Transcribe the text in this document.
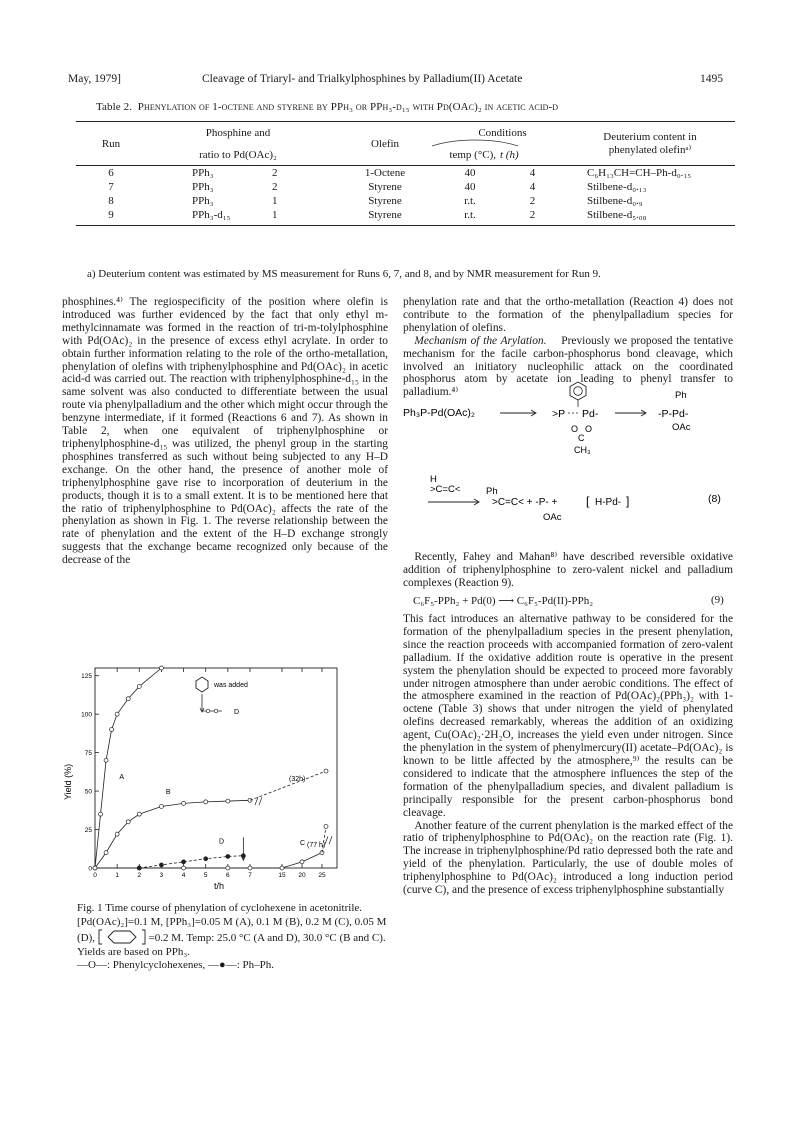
May, 1979]	Cleavage of Triaryl- and Trialkylphosphines by Palladium(II) Acetate	1495
Table 2. Phenylation of 1-octene and styrene by PPh₃ or PPh₃-d₁₅ with Pd(OAc)₂ in acetic acid-d
Run	Phosphine and		Olefin	Conditions		Deuterium content in
	ratio to Pd(OAc)₂			temp (°C),	t (h)	phenylated olefinᵃ⁾
6	PPh₃	2	1-Octene	40	4	C₆H₁₃CH=CH–Ph-d₀.₁₅
7	PPh₃	2	Styrene	40	4	Stilbene-d₀.₁₃
8	PPh₃	1	Styrene	r.t.	2	Stilbene-d₀.₉
9	PPh₃-d₁₅	1	Styrene	r.t.	2	Stilbene-d₅.₀₈
a) Deuterium content was estimated by MS measurement for Runs 6, 7, and 8, and by NMR measurement for Run 9.

phosphines.⁴⁾ The regiospecificity of the position where olefin is introduced was further evidenced by the fact that only ethyl m-methylcinnamate was formed in the reaction of tri-m-tolylphosphine with Pd(OAc)₂ in the presence of excess ethyl acrylate. In order to obtain further information relating to the role of the ortho-metallation, phenylation of olefins with triphenylphosphine and Pd(OAc)₂ in acetic acid-d was carried out. The reaction with triphenylphosphine-d₁₅ in the same solvent was also conducted to differentiate between the usual route via phenylpalladium and the other which might occur through the benzyne intermediate, if it formed (Reactions 6 and 7). As shown in Table 2, when one equivalent of triphenylphosphine or triphenylphosphine-d₁₅ was utilized, the phenyl group in the starting phosphines transferred as such without being subjected to any H–D exchange. On the other hand, the presence of another mole of triphenylphosphine gave rise to incorporation of deuterium in the products, though it is to a small extent. It is to be mentioned here that the ratio of triphenylphosphine to Pd(OAc)₂ affects the rate of the phenylation as shown in Fig. 1. The reverse relationship between the rate of phenylation and the extent of the H–D exchange strongly suggests that the exchange became recognized only because of the decrease of the

phenylation rate and that the ortho-metallation (Reaction 4) does not contribute to the formation of the phenylpalladium species for phenylation of olefins.

Mechanism of the Arylation. Previously we proposed the tentative mechanism for the facile carbon-phosphorus bond cleavage, which involved an initiatory nucleophilic attack on the coordinated phosphorus atom by acetate ion leading to phenyl transfer to palladium.⁴⁾

Ph₃P-Pd(OAc)₂	>P Pd-
O O
C
CH₃
Ph
-P-Pd-
OAc
H
>C=C<	Ph
>C=C< + -P- +
OAc
[ H-Pd- ]	(8)

Recently, Fahey and Mahan⁸⁾ have described reversible oxidative addition of triphenylphosphine to zero-valent nickel and palladium complexes (Reaction 9).

C₆F₅-PPh₂ + Pd(0) ⟶ C₆F₅-Pd(II)-PPh₂	(9)

This fact introduces an alternative pathway to be considered for the formation of the phenylpalladium species in the present phenylation, since the reaction proceeds with accompanied formation of zero-valent palladium. If the oxidative addition route is operative in the present system the phenylation should be expected to proceed more favorably under nitrogen atmosphere than under aerobic conditions. The effect of the atmosphere examined in the reaction of Pd(OAc)₂(PPh₃)₂ with 1-octene (Table 3) shows that under nitrogen the yield of phenylated olefins decreased remarkably, whereas the addition of an oxidizing agent, Cu(OAc)₂·2H₂O, increases the yield even under nitrogen. Since the phenylation in the system of phenylmercury(II) acetate–Pd(OAc)₂ is known to be little affected by the atmosphere,⁹⁾ the results can be considered to indicate that the atmosphere influences the step of the formation of the phenylpalladium species, and divalent palladium is principally responsible for the present carbon-phosphorus bond cleavage.

Another feature of the current phenylation is the marked effect of the ratio of triphenylphosphine to Pd(OAc)₂ on the reaction rate (Fig. 1). The increase in triphenylphosphine/Pd ratio depressed both the rate and yield of the phenylation. Particularly, the use of double moles of triphenylphosphine to Pd(OAc)₂ introduced a long induction period (curve C), and the presence of excess triphenylphosphine substantially

0
25
50
75
100
125
0	1	2	3	4	5	6	7	15 20 25
A
B
C
D
was added
D
(32h)
(77 h)
t/h
Yield (%)
Fig. 1 Time course of phenylation of cyclohexene in acetonitrile. [Pd(OAc)₂]=0.1 M, [PPh₃]=0.05 M (A), 0.1 M (B), 0.2 M (C), 0.05 M (D),	=0.2 M. Temp: 25.0 °C (A and D), 30.0 °C (B and C). Yields are based on PPh₃.
—O—: Phenylcyclohexenes, —●—: Ph–Ph.
